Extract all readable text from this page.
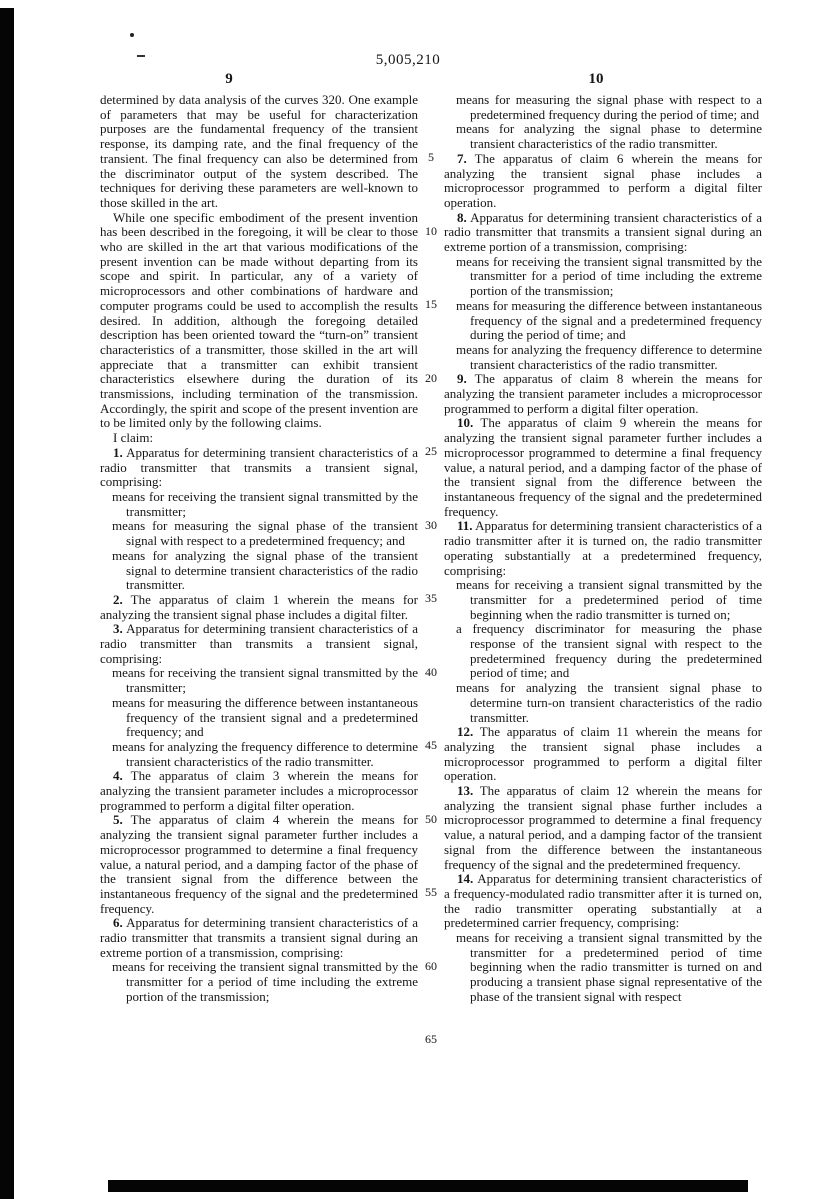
5,005,210
9	10
5
10
15
20
25
30
35
40
45
50
55
60
65
determined by data analysis of the curves 320. One example of parameters that may be useful for characterization purposes are the fundamental frequency of the transient response, its damping rate, and the final frequency of the transient. The final frequency can also be determined from the discriminator output of the system described. The techniques for deriving these parameters are well-known to those skilled in the art.
While one specific embodiment of the present invention has been described in the foregoing, it will be clear to those who are skilled in the art that various modifications of the present invention can be made without departing from its scope and spirit. In particular, any of a variety of microprocessors and other combinations of hardware and computer programs could be used to accomplish the results desired. In addition, although the foregoing detailed description has been oriented toward the “turn-on” transient characteristics of a transmitter, those skilled in the art will appreciate that a transmitter can exhibit transient characteristics elsewhere during the duration of its transmissions, including termination of the transmission. Accordingly, the spirit and scope of the present invention are to be limited only by the following claims.
I claim:
1. Apparatus for determining transient characteristics of a radio transmitter that transmits a transient signal, comprising:
means for receiving the transient signal transmitted by the transmitter;
means for measuring the signal phase of the transient signal with respect to a predetermined frequency; and
means for analyzing the signal phase of the transient signal to determine transient characteristics of the radio transmitter.
2. The apparatus of claim 1 wherein the means for analyzing the transient signal phase includes a digital filter.
3. Apparatus for determining transient characteristics of a radio transmitter than transmits a transient signal, comprising:
means for receiving the transient signal transmitted by the transmitter;
means for measuring the difference between instantaneous frequency of the transient signal and a predetermined frequency; and
means for analyzing the frequency difference to determine transient characteristics of the radio transmitter.
4. The apparatus of claim 3 wherein the means for analyzing the transient parameter includes a microprocessor programmed to perform a digital filter operation.
5. The apparatus of claim 4 wherein the means for analyzing the transient signal parameter further includes a microprocessor programmed to determine a final frequency value, a natural period, and a damping factor of the phase of the transient signal from the difference between the instantaneous frequency of the signal and the predetermined frequency.
6. Apparatus for determining transient characteristics of a radio transmitter that transmits a transient signal during an extreme portion of a transmission, comprising:
means for receiving the transient signal transmitted by the transmitter for a period of time including the extreme portion of the transmission;
means for measuring the signal phase with respect to a predetermined frequency during the period of time; and
means for analyzing the signal phase to determine transient characteristics of the radio transmitter.
7. The apparatus of claim 6 wherein the means for analyzing the transient signal phase includes a microprocessor programmed to perform a digital filter operation.
8. Apparatus for determining transient characteristics of a radio transmitter that transmits a transient signal during an extreme portion of a transmission, comprising:
means for receiving the transient signal transmitted by the transmitter for a period of time including the extreme portion of the transmission;
means for measuring the difference between instantaneous frequency of the signal and a predetermined frequency during the period of time; and
means for analyzing the frequency difference to determine transient characteristics of the radio transmitter.
9. The apparatus of claim 8 wherein the means for analyzing the transient parameter includes a microprocessor programmed to perform a digital filter operation.
10. The apparatus of claim 9 wherein the means for analyzing the transient signal parameter further includes a microprocessor programmed to determine a final frequency value, a natural period, and a damping factor of the phase of the transient signal from the difference between the instantaneous frequency of the signal and the predetermined frequency.
11. Apparatus for determining transient characteristics of a radio transmitter after it is turned on, the radio transmitter operating substantially at a predetermined frequency, comprising:
means for receiving a transient signal transmitted by the transmitter for a predetermined period of time beginning when the radio transmitter is turned on;
a frequency discriminator for measuring the phase response of the transient signal with respect to the predetermined frequency during the predetermined period of time; and
means for analyzing the transient signal phase to determine turn-on transient characteristics of the radio transmitter.
12. The apparatus of claim 11 wherein the means for analyzing the transient signal phase includes a microprocessor programmed to perform a digital filter operation.
13. The apparatus of claim 12 wherein the means for analyzing the transient signal phase further includes a microprocessor programmed to determine a final frequency value, a natural period, and a damping factor of the transient signal from the difference between the instantaneous frequency of the signal and the predetermined frequency.
14. Apparatus for determining transient characteristics of a frequency-modulated radio transmitter after it is turned on, the radio transmitter operating substantially at a predetermined carrier frequency, comprising:
means for receiving a transient signal transmitted by the transmitter for a predetermined period of time beginning when the radio transmitter is turned on and producing a transient phase signal representative of the phase of the transient signal with respect
